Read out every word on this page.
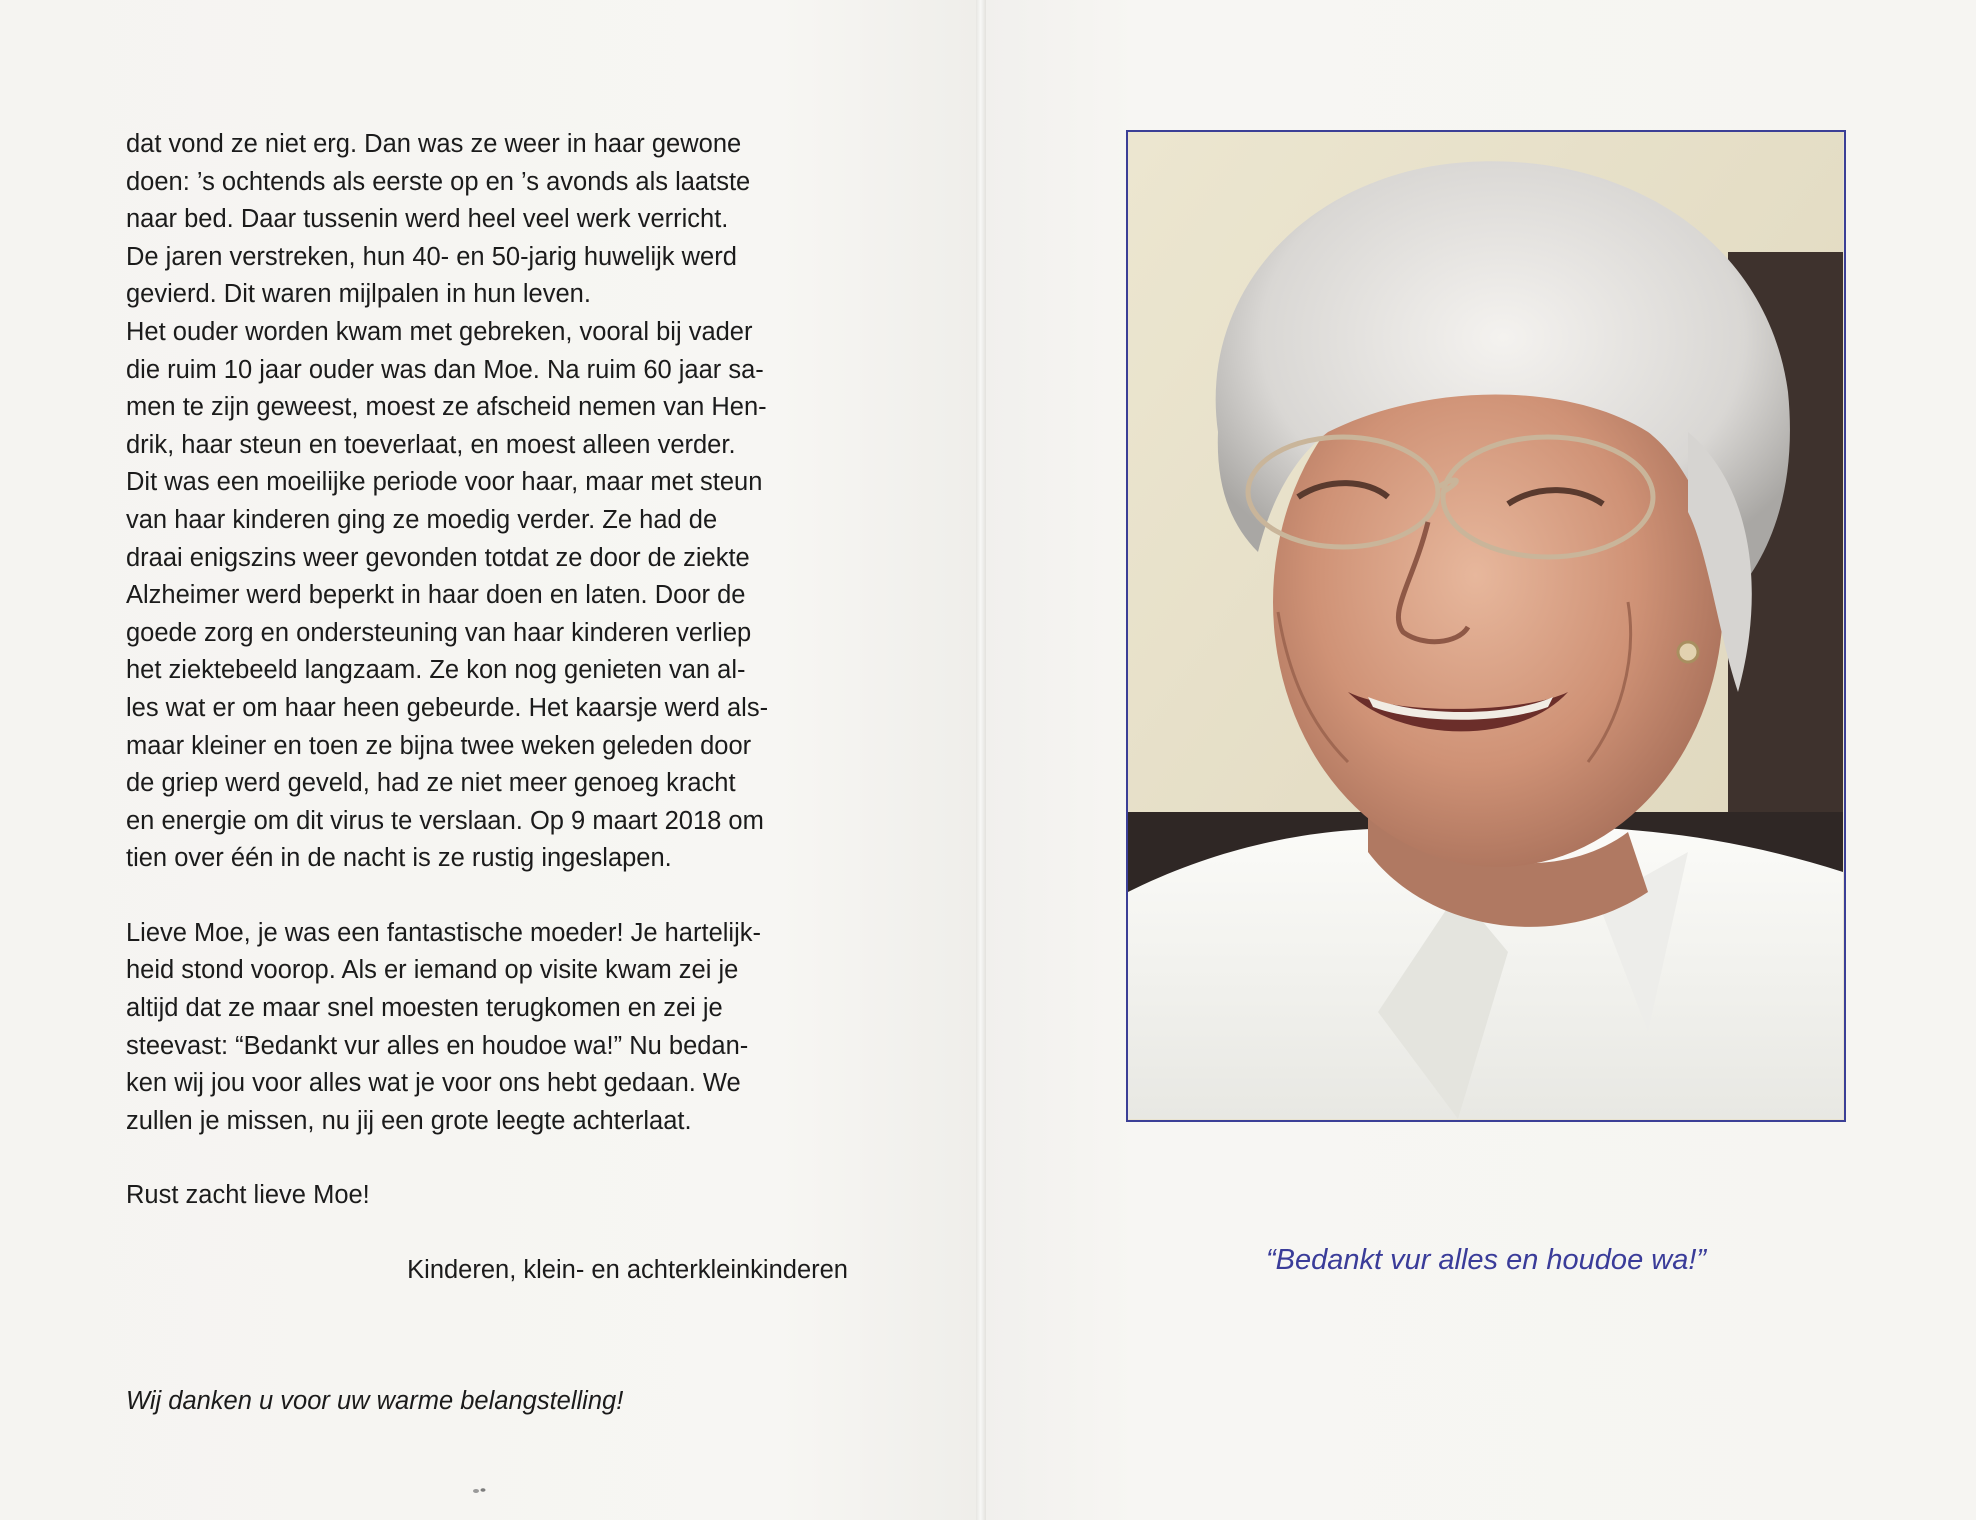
dat vond ze niet erg. Dan was ze weer in haar gewone

doen: ’s ochtends als eerste op en ’s avonds als laatste

naar bed. Daar tussenin werd heel veel werk verricht.

De jaren verstreken, hun 40- en 50-jarig huwelijk werd

gevierd. Dit waren mijlpalen in hun leven.

Het ouder worden kwam met gebreken, vooral bij vader

die ruim 10 jaar ouder was dan Moe. Na ruim 60 jaar sa-

men te zijn geweest, moest ze afscheid nemen van Hen-

drik, haar steun en toeverlaat, en moest alleen verder.

Dit was een moeilijke periode voor haar, maar met steun

van haar kinderen ging ze moedig verder. Ze had de

draai enigszins weer gevonden totdat ze door de ziekte

Alzheimer werd beperkt in haar doen en laten. Door de

goede zorg en ondersteuning van haar kinderen verliep

het ziektebeeld langzaam. Ze kon nog genieten van al-

les wat er om haar heen gebeurde. Het kaarsje werd als-

maar kleiner en toen ze bijna twee weken geleden door

de griep werd geveld, had ze niet meer genoeg kracht

en energie om dit virus te verslaan. Op 9 maart 2018 om

tien over één in de nacht is ze rustig ingeslapen.

Lieve Moe, je was een fantastische moeder! Je hartelijk-

heid stond voorop. Als er iemand op visite kwam zei je

altijd dat ze maar snel moesten terugkomen en zei je

steevast: “Bedankt vur alles en houdoe wa!” Nu bedan-

ken wij jou voor alles wat je voor ons hebt gedaan. We

zullen je missen, nu jij een grote leegte achterlaat.

Rust zacht lieve Moe!

Kinderen, klein- en achterkleinkinderen

Wij danken u voor uw warme belangstelling!

“Bedankt vur alles en houdoe wa!”
